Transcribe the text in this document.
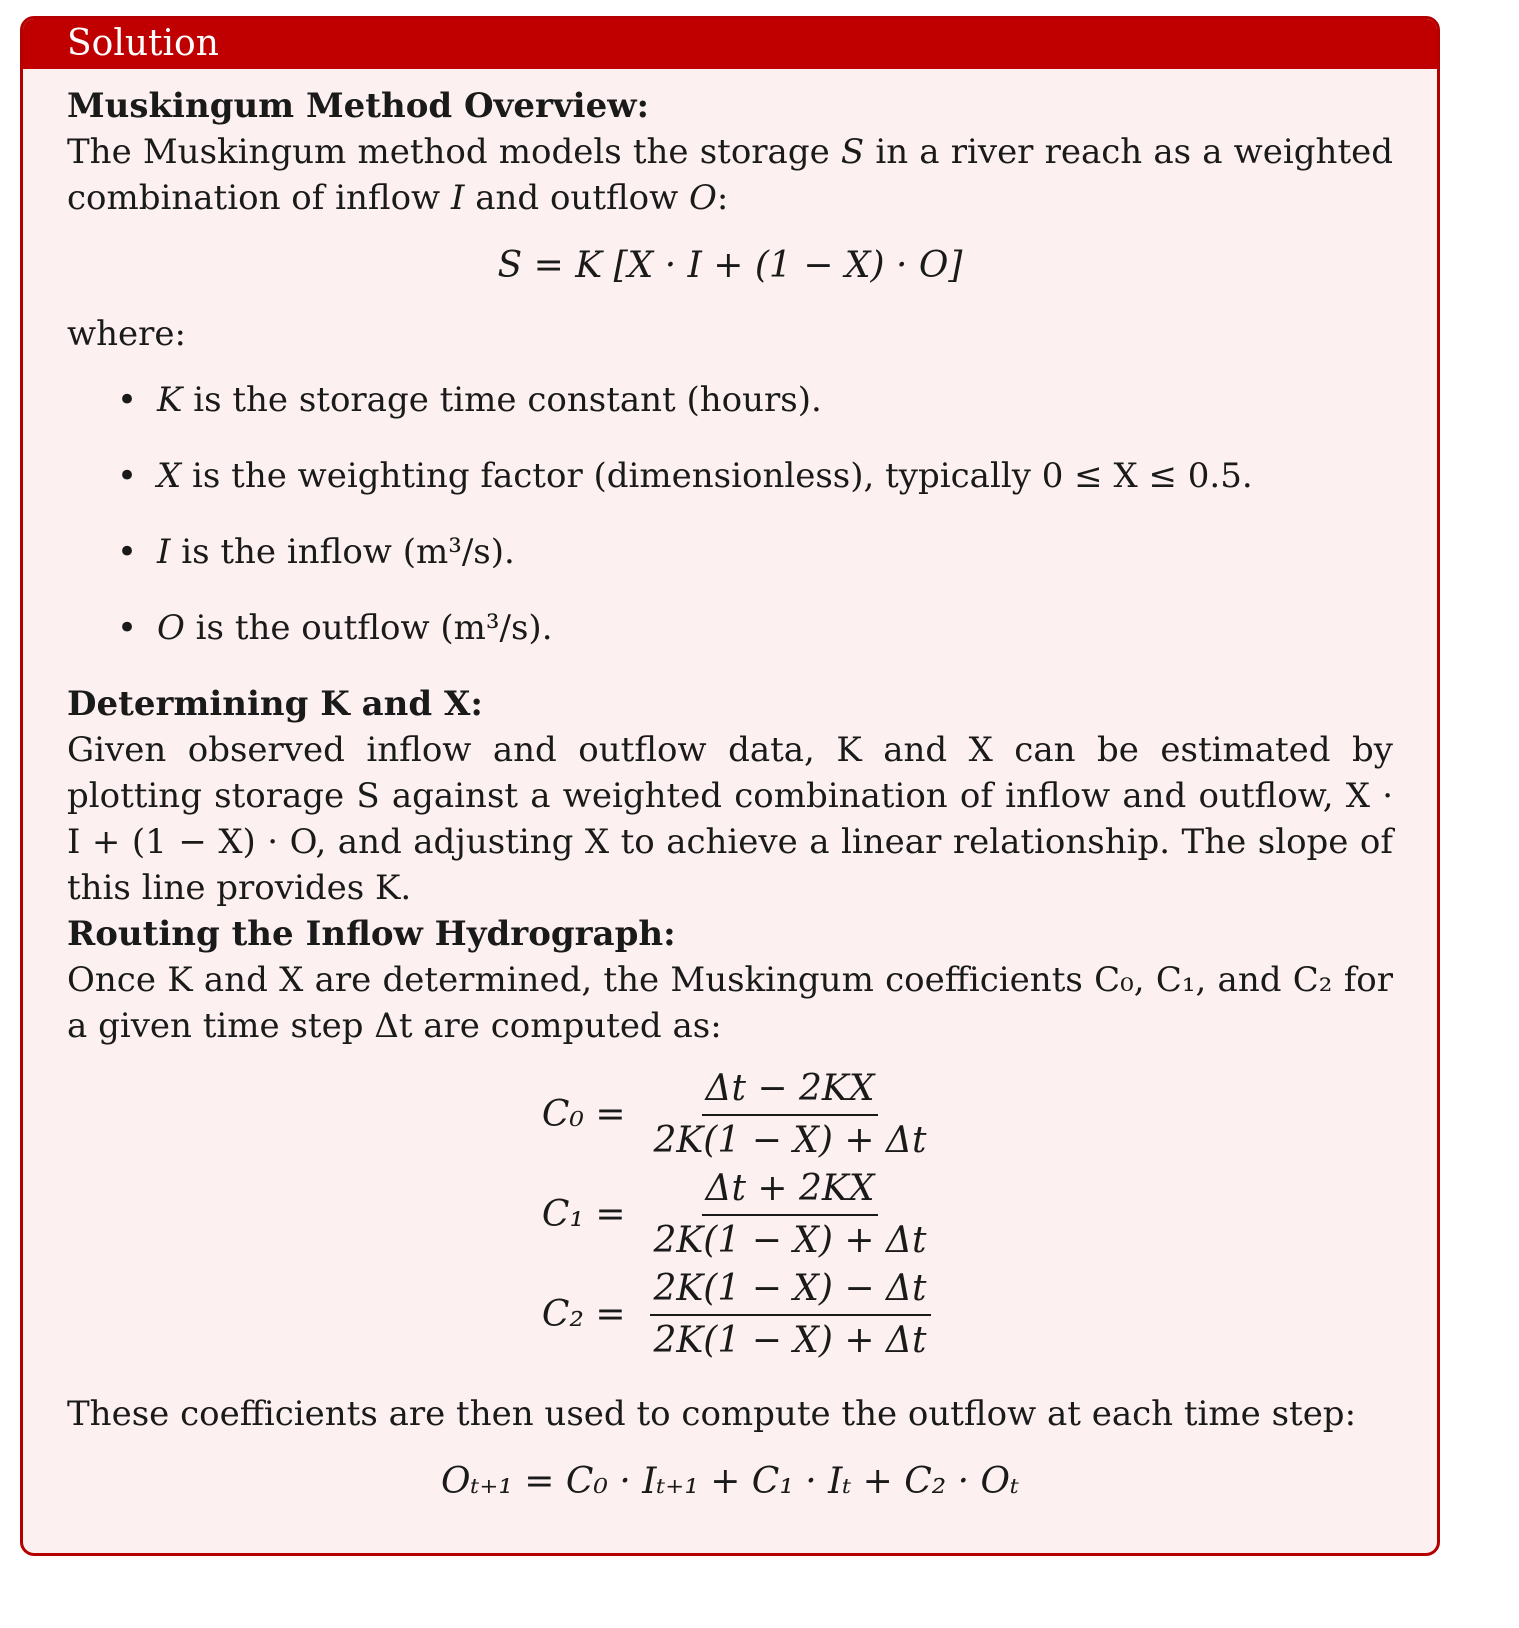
Solution
Muskingum Method Overview:

The Muskingum method models the storage S in a river reach as a weighted combination of inflow I and outflow O:

S = K [X · I + (1 − X) · O]

where:

• K is the storage time constant (hours).
• X is the weighting factor (dimensionless), typically 0 ≤ X ≤ 0.5.
• I is the inflow (m³/s).
• O is the outflow (m³/s).
Determining K and X:

Given observed inflow and outflow data, K and X can be estimated by plotting storage S against a weighted combination of inflow and outflow, X · I + (1 − X) · O, and adjusting X to achieve a linear relationship. The slope of this line provides K.

Routing the Inflow Hydrograph:

Once K and X are determined, the Muskingum coefficients C₀, C₁, and C₂ for a given time step Δt are computed as:

$C_0 = \frac{\Delta t - 2KX}{2K(1 - X) + \Delta t}$
$C_1 = \frac{\Delta t + 2KX}{2K(1 - X) + \Delta t}$
$C_2 = \frac{2K(1 - X) - \Delta t}{2K(1 - X) + \Delta t}$

These coefficients are then used to compute the outflow at each time step:

Oₜ₊₁ = C₀ · Iₜ₊₁ + C₁ · Iₜ + C₂ · Oₜ
